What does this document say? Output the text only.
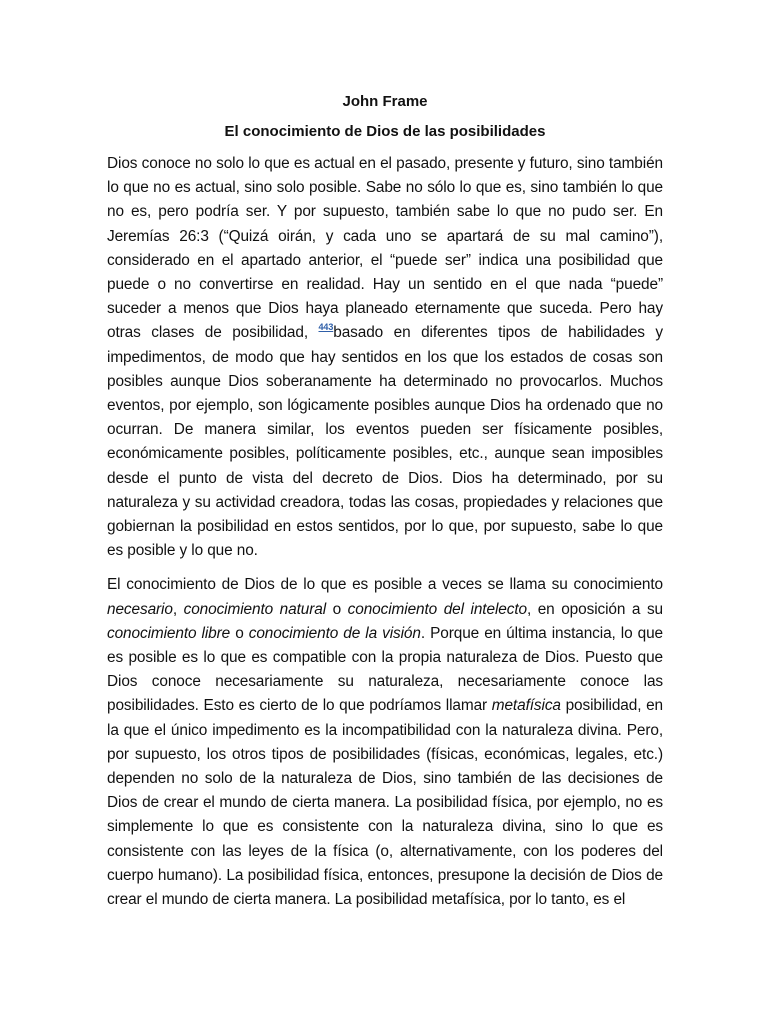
John Frame
El conocimiento de Dios de las posibilidades

Dios conoce no solo lo que es actual en el pasado, presente y futuro, sino también lo que no es actual, sino solo posible. Sabe no sólo lo que es, sino también lo que no es, pero podría ser. Y por supuesto, también sabe lo que no pudo ser. En Jeremías 26:3 (“Quizá oirán, y cada uno se apartará de su mal camino”), considerado en el apartado anterior, el “puede ser” indica una posibilidad que puede o no convertirse en realidad. Hay un sentido en el que nada “puede” suceder a menos que Dios haya planeado eternamente que suceda. Pero hay otras clases de posibilidad, $^{443}$basado en diferentes tipos de habilidades y impedimentos, de modo que hay sentidos en los que los estados de cosas son posibles aunque Dios soberanamente ha determinado no provocarlos. Muchos eventos, por ejemplo, son lógicamente posibles aunque Dios ha ordenado que no ocurran. De manera similar, los eventos pueden ser físicamente posibles, económicamente posibles, políticamente posibles, etc., aunque sean imposibles desde el punto de vista del decreto de Dios. Dios ha determinado, por su naturaleza y su actividad creadora, todas las cosas, propiedades y relaciones que gobiernan la posibilidad en estos sentidos, por lo que, por supuesto, sabe lo que es posible y lo que no.

El conocimiento de Dios de lo que es posible a veces se llama su conocimiento necesario, conocimiento natural o conocimiento del intelecto, en oposición a su conocimiento libre o conocimiento de la visión. Porque en última instancia, lo que es posible es lo que es compatible con la propia naturaleza de Dios. Puesto que Dios conoce necesariamente su naturaleza, necesariamente conoce las posibilidades. Esto es cierto de lo que podríamos llamar metafísica posibilidad, en la que el único impedimento es la incompatibilidad con la naturaleza divina. Pero, por supuesto, los otros tipos de posibilidades (físicas, económicas, legales, etc.) dependen no solo de la naturaleza de Dios, sino también de las decisiones de Dios de crear el mundo de cierta manera. La posibilidad física, por ejemplo, no es simplemente lo que es consistente con la naturaleza divina, sino lo que es consistente con las leyes de la física (o, alternativamente, con los poderes del cuerpo humano). La posibilidad física, entonces, presupone la decisión de Dios de crear el mundo de cierta manera. La posibilidad metafísica, por lo tanto, es el
